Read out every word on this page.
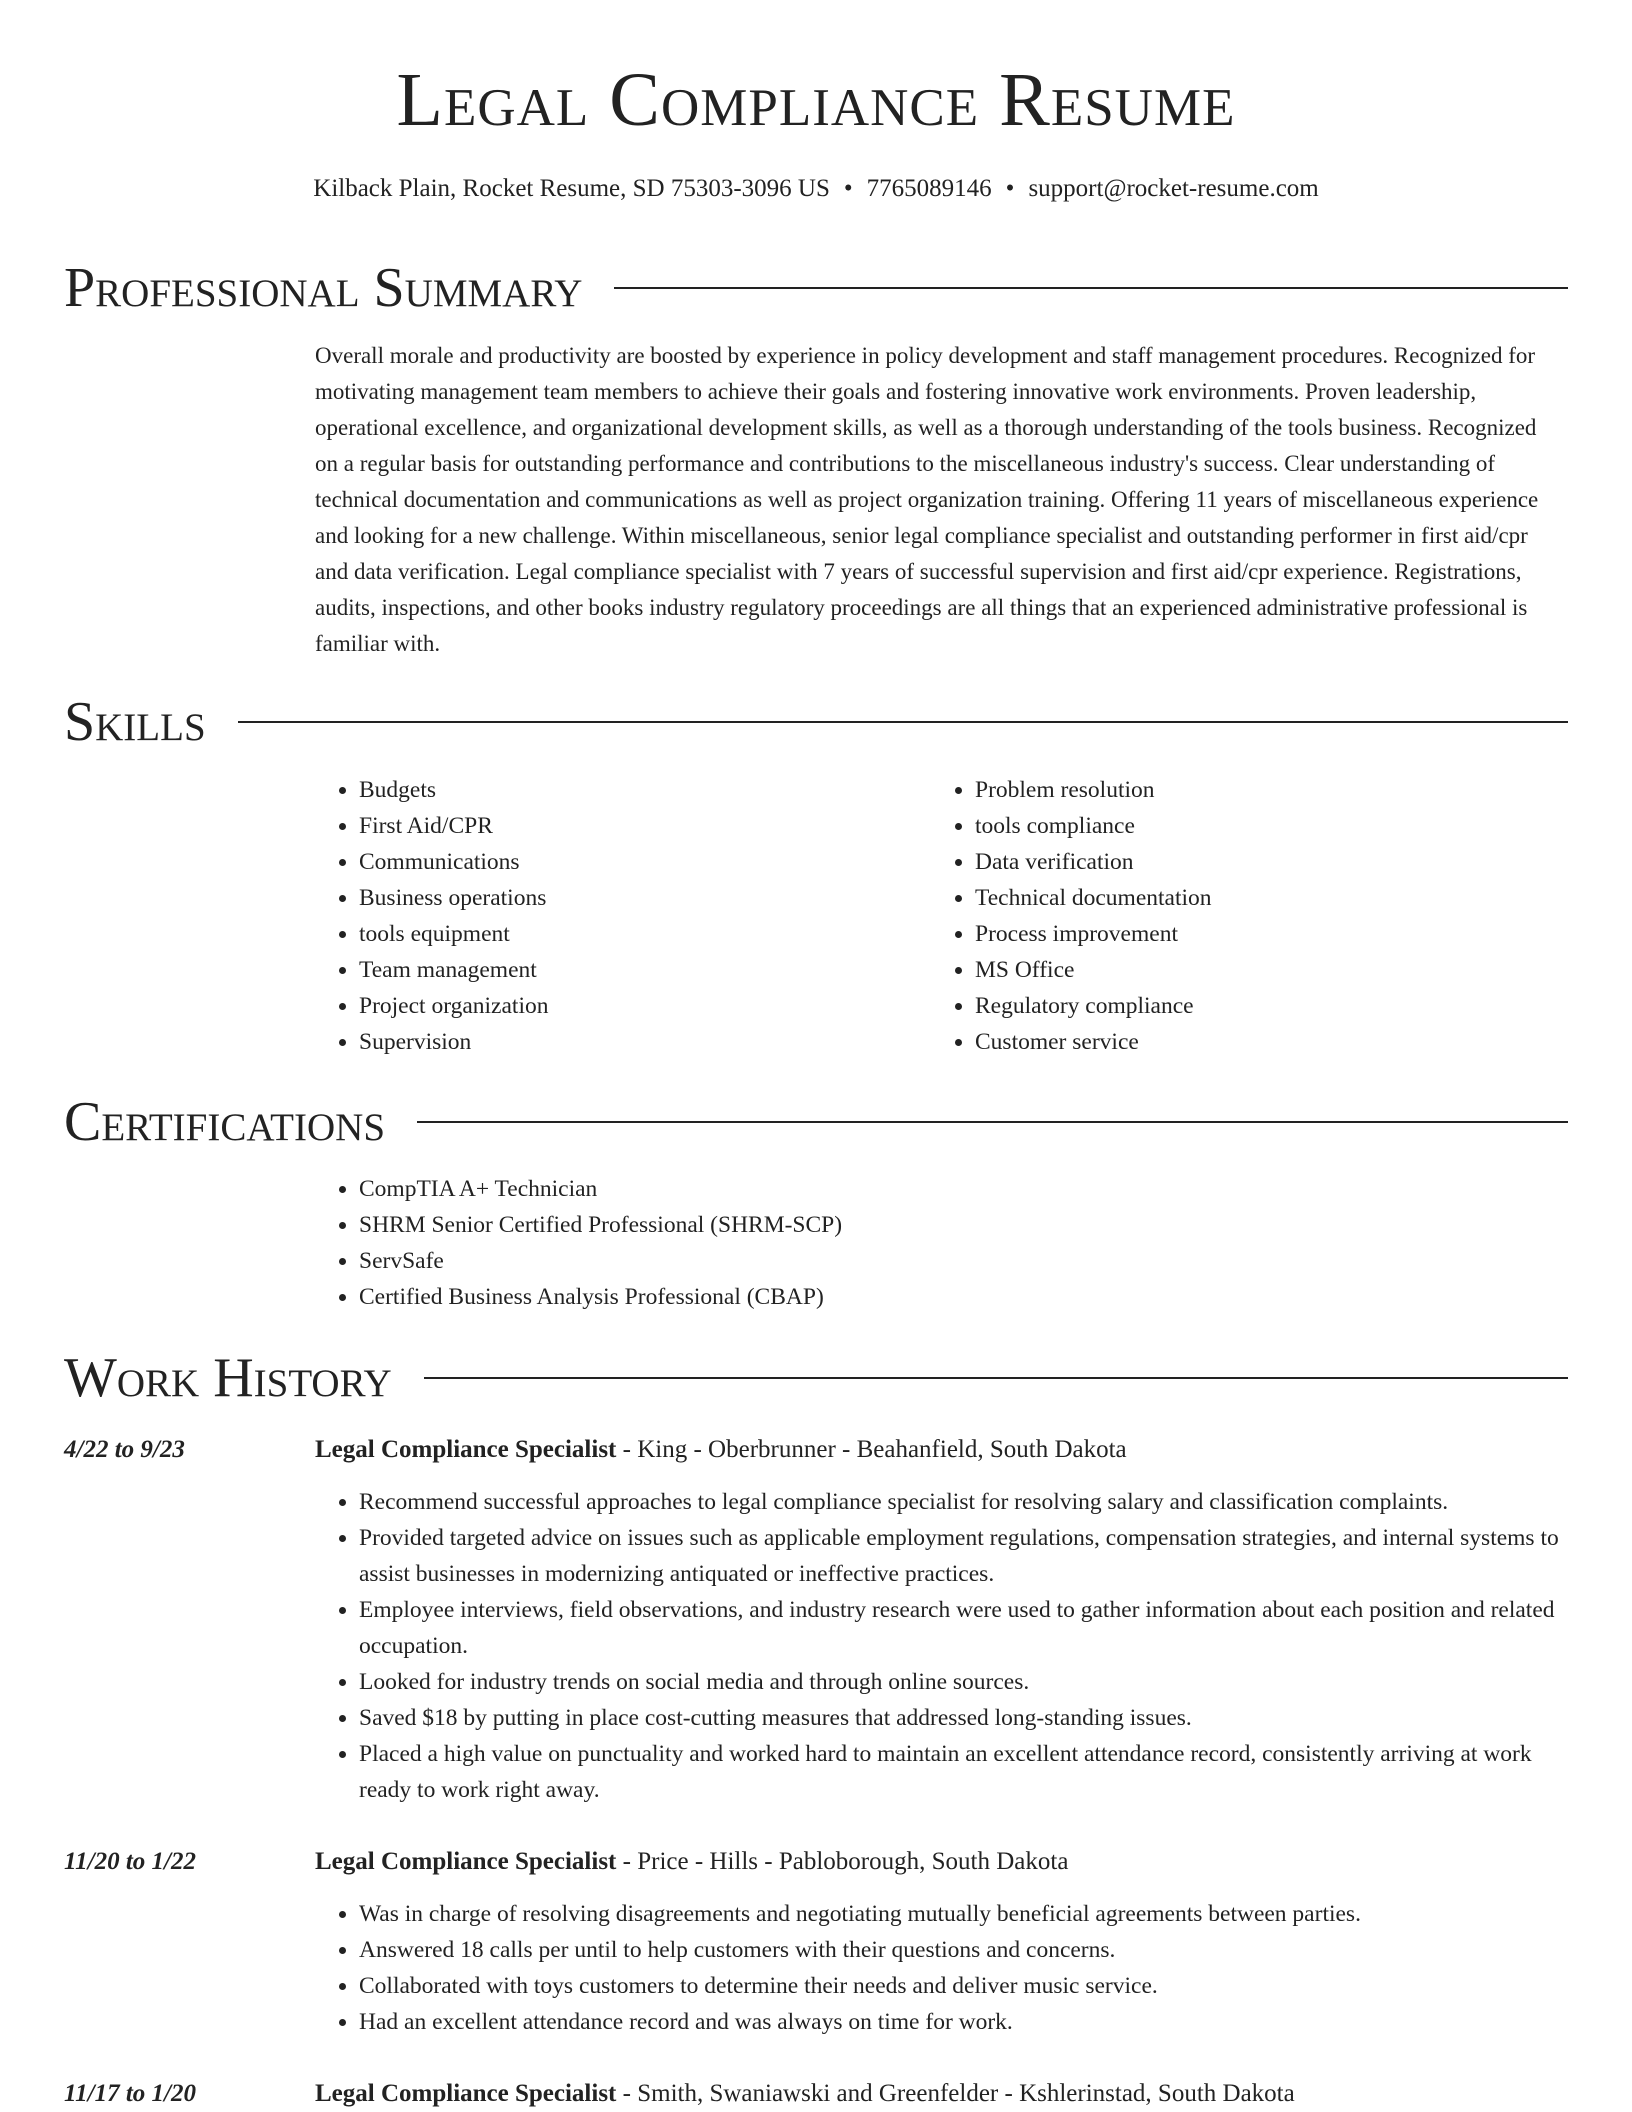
Legal Compliance Resume
Kilback Plain, Rocket Resume, SD 75303-3096 US • 7765089146 • support@rocket-resume.com
Professional Summary

Overall morale and productivity are boosted by experience in policy development and staff management procedures. Recognized for motivating management team members to achieve their goals and fostering innovative work environments. Proven leadership, operational excellence, and organizational development skills, as well as a thorough understanding of the tools business. Recognized on a regular basis for outstanding performance and contributions to the miscellaneous industry's success. Clear understanding of technical documentation and communications as well as project organization training. Offering 11 years of miscellaneous experience and looking for a new challenge. Within miscellaneous, senior legal compliance specialist and outstanding performer in first aid/cpr and data verification. Legal compliance specialist with 7 years of successful supervision and first aid/cpr experience. Registrations, audits, inspections, and other books industry regulatory proceedings are all things that an experienced administrative professional is familiar with.

Skills
• Budgets
• First Aid/CPR
• Communications
• Business operations
• tools equipment
• Team management
• Project organization
• Supervision
• Problem resolution
• tools compliance
• Data verification
• Technical documentation
• Process improvement
• MS Office
• Regulatory compliance
• Customer service
Certifications
• CompTIA A+ Technician
• SHRM Senior Certified Professional (SHRM-SCP)
• ServSafe
• Certified Business Analysis Professional (CBAP)
Work History
4/22 to 9/23	Legal Compliance Specialist - King - Oberbrunner - Beahanfield, South Dakota
• Recommend successful approaches to legal compliance specialist for resolving salary and classification complaints.
• Provided targeted advice on issues such as applicable employment regulations, compensation strategies, and internal systems to assist businesses in modernizing antiquated or ineffective practices.
• Employee interviews, field observations, and industry research were used to gather information about each position and related occupation.
• Looked for industry trends on social media and through online sources.
• Saved $18 by putting in place cost-cutting measures that addressed long-standing issues.
• Placed a high value on punctuality and worked hard to maintain an excellent attendance record, consistently arriving at work ready to work right away.
11/20 to 1/22	Legal Compliance Specialist - Price - Hills - Pabloborough, South Dakota
• Was in charge of resolving disagreements and negotiating mutually beneficial agreements between parties.
• Answered 18 calls per until to help customers with their questions and concerns.
• Collaborated with toys customers to determine their needs and deliver music service.
• Had an excellent attendance record and was always on time for work.
11/17 to 1/20	Legal Compliance Specialist - Smith, Swaniawski and Greenfelder - Kshlerinstad, South Dakota
